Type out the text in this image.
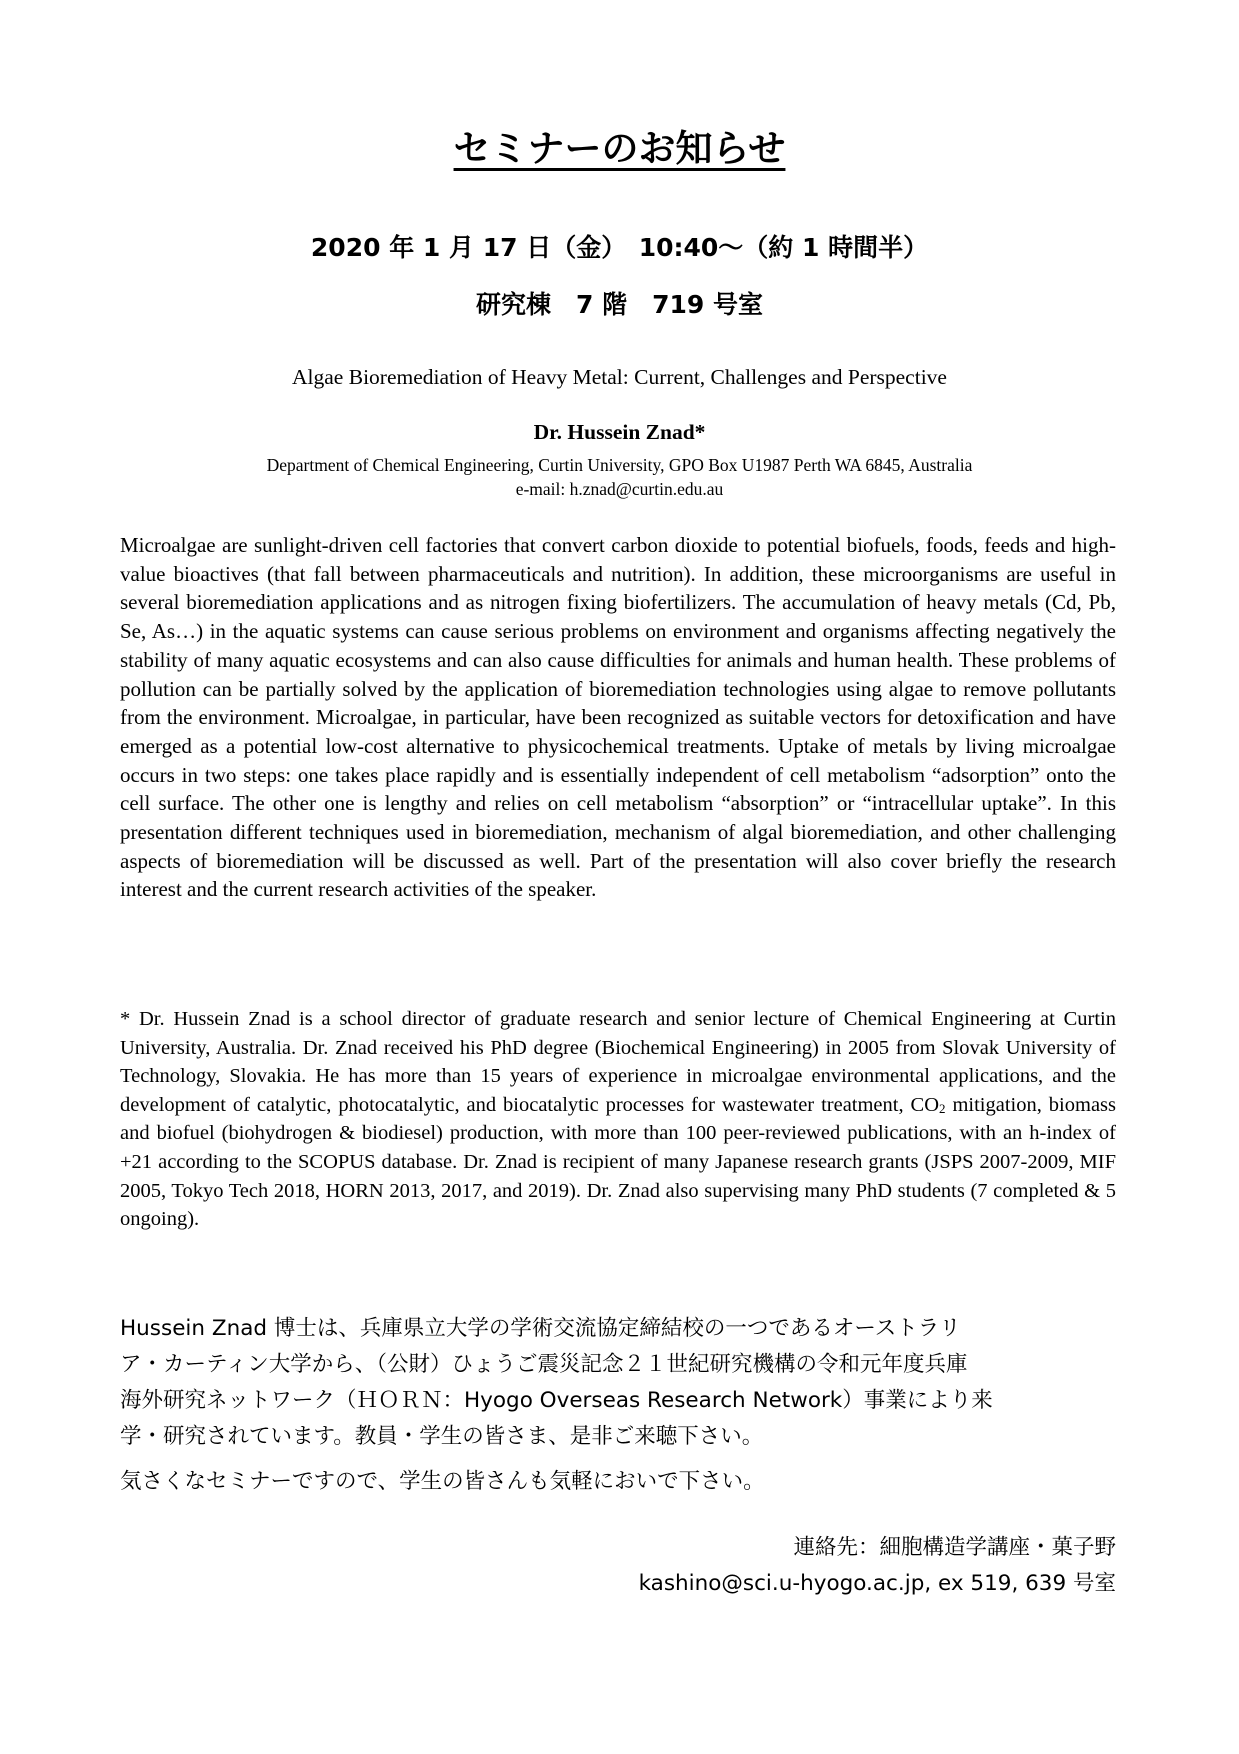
セミナーのお知らせ
2020 年 1 月 17 日（金）　10:40～（約 1 時間半）
研究棟　7 階　719 号室
Algae Bioremediation of Heavy Metal: Current, Challenges and Perspective
Dr. Hussein Znad*
Department of Chemical Engineering, Curtin University, GPO Box U1987 Perth WA 6845, Australia
e-mail: h.znad@curtin.edu.au

Microalgae are sunlight-driven cell factories that convert carbon dioxide to potential biofuels, foods, feeds and high-value bioactives (that fall between pharmaceuticals and nutrition). In addition, these microorganisms are useful in several bioremediation applications and as nitrogen fixing biofertilizers. The accumulation of heavy metals (Cd, Pb, Se, As…) in the aquatic systems can cause serious problems on environment and organisms affecting negatively the stability of many aquatic ecosystems and can also cause difficulties for animals and human health. These problems of pollution can be partially solved by the application of bioremediation technologies using algae to remove pollutants from the environment. Microalgae, in particular, have been recognized as suitable vectors for detoxification and have emerged as a potential low-cost alternative to physicochemical treatments. Uptake of metals by living microalgae occurs in two steps: one takes place rapidly and is essentially independent of cell metabolism “adsorption” onto the cell surface. The other one is lengthy and relies on cell metabolism “absorption” or “intracellular uptake”. In this presentation different techniques used in bioremediation, mechanism of algal bioremediation, and other challenging aspects of bioremediation will be discussed as well. Part of the presentation will also cover briefly the research interest and the current research activities of the speaker.

* Dr. Hussein Znad is a school director of graduate research and senior lecture of Chemical Engineering at Curtin University, Australia. Dr. Znad received his PhD degree (Biochemical Engineering) in 2005 from Slovak University of Technology, Slovakia. He has more than 15 years of experience in microalgae environmental applications, and the development of catalytic, photocatalytic, and biocatalytic processes for wastewater treatment, $CO_2$ mitigation, biomass and biofuel (biohydrogen & biodiesel) production, with more than 100 peer-reviewed publications, with an h-index of +21 according to the SCOPUS database. Dr. Znad is recipient of many Japanese research grants (JSPS 2007-2009, MIF 2005, Tokyo Tech 2018, HORN 2013, 2017, and 2019). Dr. Znad also supervising many PhD students (7 completed & 5 ongoing).

Hussein Znad 博士は、兵庫県立大学の学術交流協定締結校の一つであるオーストラリ
ア・カーティン大学から、（公財）ひょうご震災記念２１世紀研究機構の令和元年度兵庫
海外研究ネットワーク（ＨＯＲＮ：Hyogo Overseas Research Network）事業により来
学・研究されています。教員・学生の皆さま、是非ご来聴下さい。

気さくなセミナーですので、学生の皆さんも気軽においで下さい。

連絡先：細胞構造学講座・菓子野
kashino@sci.u-hyogo.ac.jp, ex 519, 639 号室
